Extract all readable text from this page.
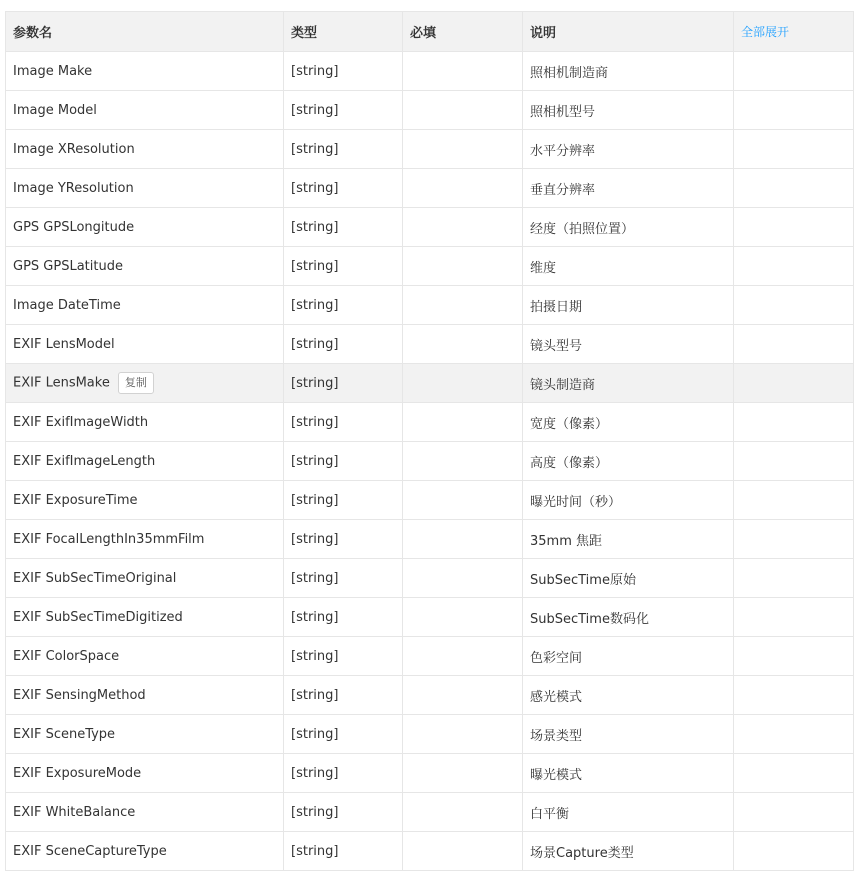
参数名	类型	必填	说明	全部展开
Image Make	[string]		照相机制造商	
Image Model	[string]		照相机型号	
Image XResolution	[string]		水平分辨率	
Image YResolution	[string]		垂直分辨率	
GPS GPSLongitude	[string]		经度（拍照位置）	
GPS GPSLatitude	[string]		维度	
Image DateTime	[string]		拍摄日期	
EXIF LensModel	[string]		镜头型号	
EXIF LensMake 复制	[string]		镜头制造商	
EXIF ExifImageWidth	[string]		宽度（像素）	
EXIF ExifImageLength	[string]		高度（像素）	
EXIF ExposureTime	[string]		曝光时间（秒）	
EXIF FocalLengthIn35mmFilm	[string]		35mm 焦距	
EXIF SubSecTimeOriginal	[string]		SubSecTime原始	
EXIF SubSecTimeDigitized	[string]		SubSecTime数码化	
EXIF ColorSpace	[string]		色彩空间	
EXIF SensingMethod	[string]		感光模式	
EXIF SceneType	[string]		场景类型	
EXIF ExposureMode	[string]		曝光模式	
EXIF WhiteBalance	[string]		白平衡	
EXIF SceneCaptureType	[string]		场景Capture类型	
